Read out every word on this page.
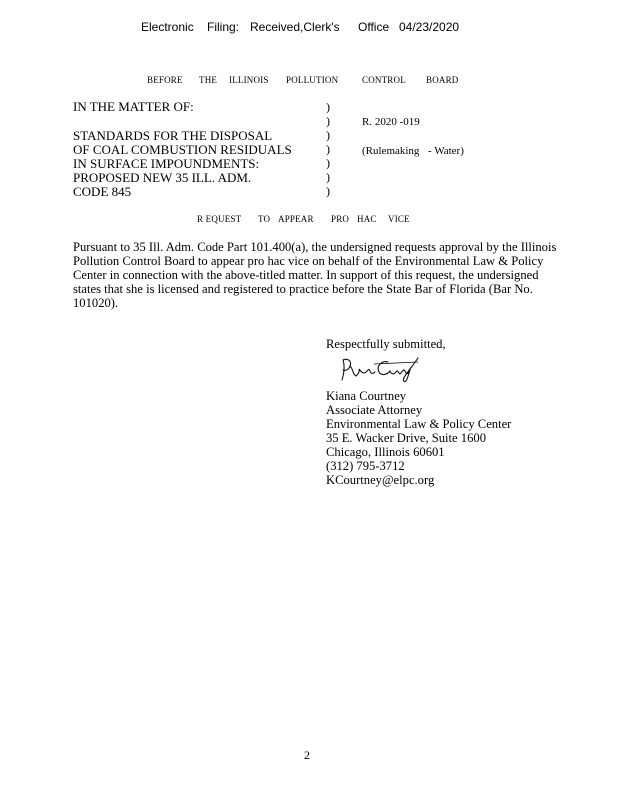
Electronic Filing: Received,Clerk's Office 04/23/2020
BEFORE THE ILLINOIS POLLUTION	CONTROL BOARD
IN THE MATTER OF:
STANDARDS FOR THE DISPOSAL
OF COAL COMBUSTION RESIDUALS
IN SURFACE IMPOUNDMENTS:
PROPOSED NEW 35 ILL. ADM.
CODE 845
)
)
)
)
)
)
)
R. 2020 -019
(Rulemaking - Water)
R EQUEST TO APPEAR PRO HAC VICE
Pursuant to 35 Ill. Adm. Code Part 101.400(a), the undersigned requests approval by the Illinois
Pollution Control Board to appear pro hac vice on behalf of the Environmental Law & Policy
Center in connection with the above-titled matter. In support of this request, the undersigned
states that she is licensed and registered to practice before the State Bar of Florida (Bar No.
101020).
Respectfully submitted,
Kiana Courtney
Associate Attorney
Environmental Law & Policy Center
35 E. Wacker Drive, Suite 1600
Chicago, Illinois 60601
(312) 795-3712
KCourtney@elpc.org
2
